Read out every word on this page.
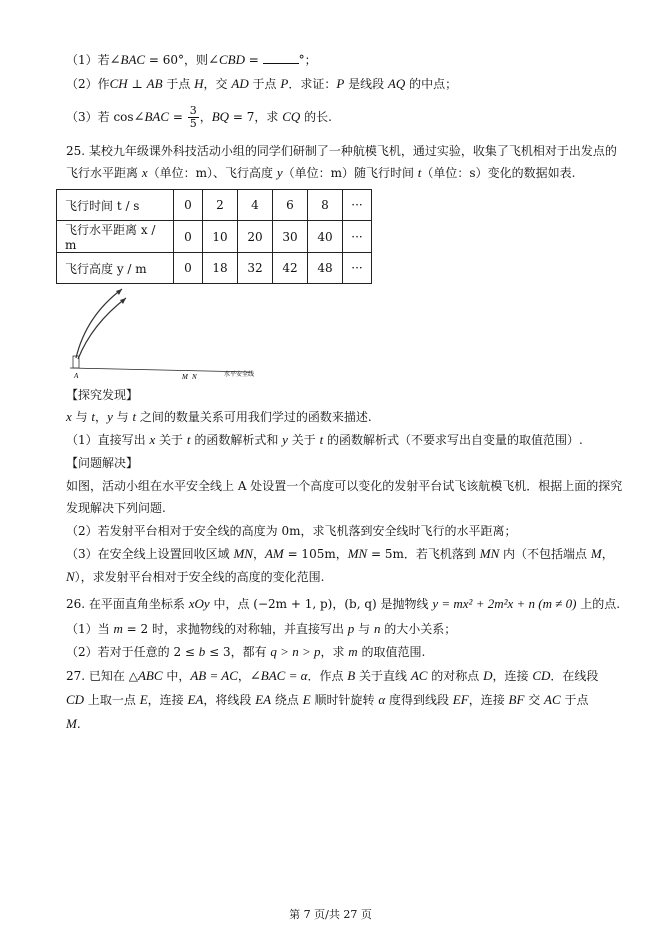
（1）若∠BAC = 60°，则∠CBD =	°；
（2）作CH ⊥ AB 于点 H，交 AD 于点 P．求证：P 是线段 AQ 的中点；
（3）若 cos∠BAC = $\frac{3}{5}$ ，BQ = 7，求 CQ 的长.
25. 某校九年级课外科技活动小组的同学们研制了一种航模飞机，通过实验，收集了飞机相对于出发点的
飞行水平距离 x（单位：m）、飞行高度 y（单位：m）随飞行时间 t（单位：s）变化的数据如表.
飞行时间 t / s	0	2	4	6	8	···
飞行水平距离 x / m	0	10	20	30	40	···
飞行高度 y / m	0	18	32	42	48	···
A	M N	水平安全线
【探究发现】
x 与 t，y 与 t 之间的数量关系可用我们学过的函数来描述.
（1）直接写出 x 关于 t 的函数解析式和 y 关于 t 的函数解析式（不要求写出自变量的取值范围）.
【问题解决】
如图，活动小组在水平安全线上 A 处设置一个高度可以变化的发射平台试飞该航模飞机．根据上面的探究
发现解决下列问题.
（2）若发射平台相对于安全线的高度为 0m，求飞机落到安全线时飞行的水平距离；
（3）在安全线上设置回收区域 MN，AM = 105m，MN = 5m．若飞机落到 MN 内（不包括端点 M，
N），求发射平台相对于安全线的高度的变化范围.
26. 在平面直角坐标系 xOy 中，点 (−2m + 1, p)，(b, q) 是抛物线 y = mx² + 2m²x + n (m ≠ 0) 上的点.
（1）当 m = 2 时，求抛物线的对称轴，并直接写出 p 与 n 的大小关系；
（2）若对于任意的 2 ≤ b ≤ 3，都有 q > n > p，求 m 的取值范围.
27. 已知在 △ABC 中，AB = AC，∠BAC = α．作点 B 关于直线 AC 的对称点 D，连接 CD．在线段
CD 上取一点 E，连接 EA，将线段 EA 绕点 E 顺时针旋转 α 度得到线段 EF，连接 BF 交 AC 于点
M.
第 7 页/共 27 页
